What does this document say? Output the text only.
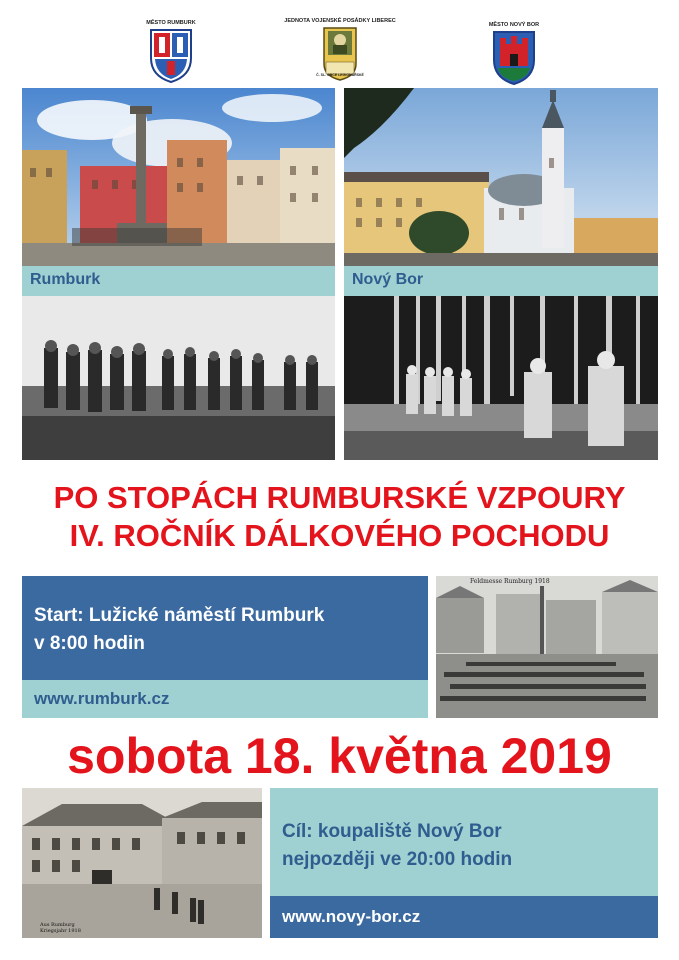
MĚSTO RUMBURK	JEDNOTA VOJENSKÉ POSÁDKY LIBEREC
Č. SL. OBCE LEGIONÁŘSKÉ
MĚSTO NOVÝ BOR
Rumburk	Nový Bor
PO STOPÁCH RUMBURSKÉ VZPOURY
IV. ROČNÍK DÁLKOVÉHO POCHODU
Start: Lužické náměstí Rumburk
v 8:00 hodin
www.rumburk.cz
Feldmesse Rumburg 1918
sobota 18. května 2019
Aus Rumburg Kriegsjahr 1918
Cíl: koupaliště Nový Bor
nejpozději ve 20:00 hodin
www.novy-bor.cz
